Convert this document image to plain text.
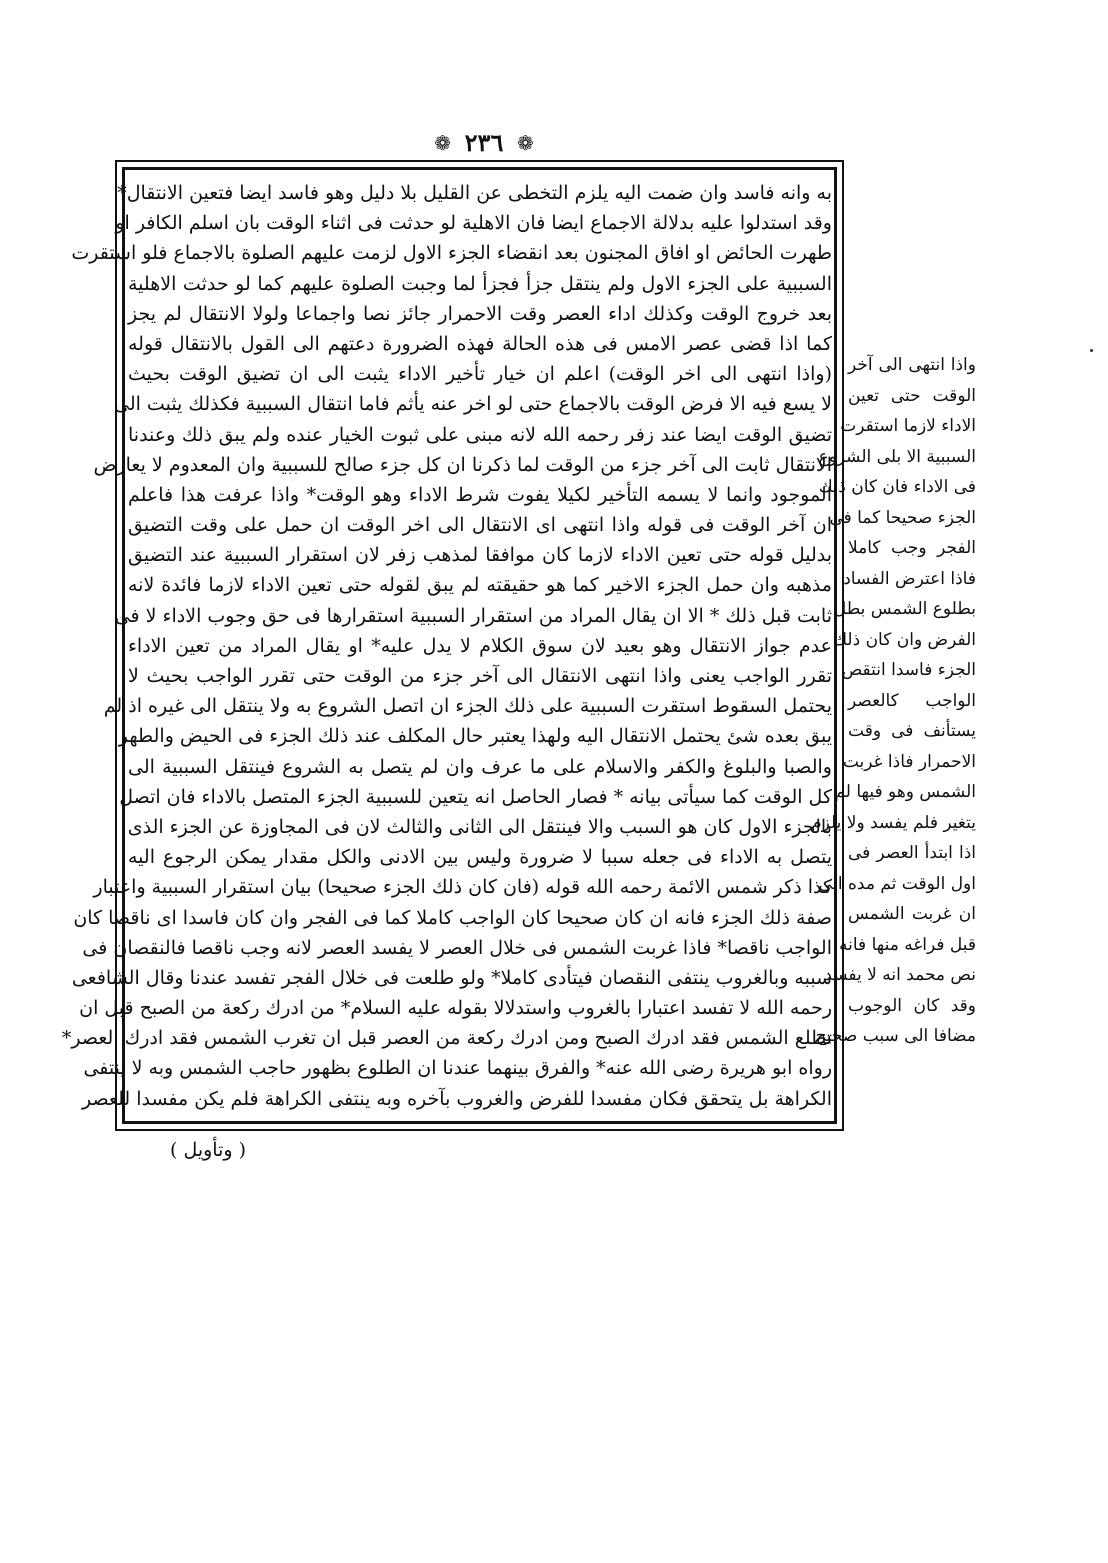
❁ ٢٣٦ ❁
به وانه فاسد وان ضمت اليه يلزم التخطى عن القليل بلا دليل وهو فاسد ايضا فتعين الانتقال*
وقد استدلوا عليه بدلالة الاجماع ايضا فان الاهلية لو حدثت فى اثناء الوقت بان اسلم الكافر او
طهرت الحائض او افاق المجنون بعد انقضاء الجزء الاول لزمت عليهم الصلوة بالاجماع فلو استقرت
السببية على الجزء الاول ولم ينتقل جزأ فجزأ لما وجبت الصلوة عليهم كما لو حدثت الاهلية
بعد خروج الوقت وكذلك اداء العصر وقت الاحمرار جائز نصا واجماعا ولولا الانتقال لم يجز
كما اذا قضى عصر الامس فى هذه الحالة فهذه الضرورة دعتهم الى القول بالانتقال قوله
(واذا انتهى الى اخر الوقت) اعلم ان خيار تأخير الاداء يثبت الى ان تضيق الوقت بحيث
لا يسع فيه الا فرض الوقت بالاجماع حتى لو اخر عنه يأثم فاما انتقال السببية فكذلك يثبت الى
تضيق الوقت ايضا عند زفر رحمه الله لانه مبنى على ثبوت الخيار عنده ولم يبق ذلك وعندنا
الانتقال ثابت الى آخر جزء من الوقت لما ذكرنا ان كل جزء صالح للسببية وان المعدوم لا يعارض
الموجود وانما لا يسمه التأخير لكيلا يفوت شرط الاداء وهو الوقت* واذا عرفت هذا فاعلم
ان آخر الوقت فى قوله واذا انتهى اى الانتقال الى اخر الوقت ان حمل على وقت التضيق
بدليل قوله حتى تعين الاداء لازما كان موافقا لمذهب زفر لان استقرار السببية عند التضيق
مذهبه وان حمل الجزء الاخير كما هو حقيقته لم يبق لقوله حتى تعين الاداء لازما فائدة لانه
ثابت قبل ذلك * الا ان يقال المراد من استقرار السببية استقرارها فى حق وجوب الاداء لا فى
عدم جواز الانتقال وهو بعيد لان سوق الكلام لا يدل عليه* او يقال المراد من تعين الاداء
تقرر الواجب يعنى واذا انتهى الانتقال الى آخر جزء من الوقت حتى تقرر الواجب بحيث لا
يحتمل السقوط استقرت السببية على ذلك الجزء ان اتصل الشروع به ولا ينتقل الى غيره اذ لم
يبق بعده شئ يحتمل الانتقال اليه ولهذا يعتبر حال المكلف عند ذلك الجزء فى الحيض والطهر
والصبا والبلوغ والكفر والاسلام على ما عرف وان لم يتصل به الشروع فينتقل السببية الى
كل الوقت كما سيأتى بيانه * فصار الحاصل انه يتعين للسببية الجزء المتصل بالاداء فان اتصل
بالجزء الاول كان هو السبب والا فينتقل الى الثانى والثالث لان فى المجاوزة عن الجزء الذى
يتصل به الاداء فى جعله سببا لا ضرورة وليس بين الادنى والكل مقدار يمكن الرجوع اليه
كذا ذكر شمس الائمة رحمه الله قوله (فان كان ذلك الجزء صحيحا) بيان استقرار السببية واعتبار
صفة ذلك الجزء فانه ان كان صحيحا كان الواجب كاملا كما فى الفجر وان كان فاسدا اى ناقصا كان
الواجب ناقصا* فاذا غربت الشمس فى خلال العصر لا يفسد العصر لانه وجب ناقصا فالنقصان فى
سببه وبالغروب ينتفى النقصان فيتأدى كاملا* ولو طلعت فى خلال الفجر تفسد عندنا وقال الشافعى
رحمه الله لا تفسد اعتبارا بالغروب واستدلالا بقوله عليه السلام* من ادرك ركعة من الصبح قبل ان
تطلع الشمس فقد ادرك الصبح ومن ادرك ركعة من العصر قبل ان تغرب الشمس فقد ادرك العصر*
رواه ابو هريرة رضى الله عنه* والفرق بينهما عندنا ان الطلوع بظهور حاجب الشمس وبه لا ينتفى
الكراهة بل يتحقق فكان مفسدا للفرض والغروب بآخره وبه ينتفى الكراهة فلم يكن مفسدا للعصر
واذا انتهى الى آخر
الوقت حتى تعين
الاداء لازما استقرت
السببية الا بلى الشروع
فى الاداء فان كان ذلك
الجزء صحيحا كما فى
الفجر وجب كاملا
فاذا اعترض الفساد
بطلوع الشمس بطل
الفرض وان كان ذلك
الجزء فاسدا انتقص
الواجب كالعصر
يستأنف فى وقت
الاحمرار فاذا غربت
الشمس وهو فيها لم
يتغير فلم يفسد ولا يلزم
اذا ابتدأ العصر فى
اول الوقت ثم مده الى
ان غربت الشمس
قبل فراغه منها فانه
نص محمد انه لا يفسد
وقد كان الوجوب
مضافا الى سبب صحيح
( وتأويل )
